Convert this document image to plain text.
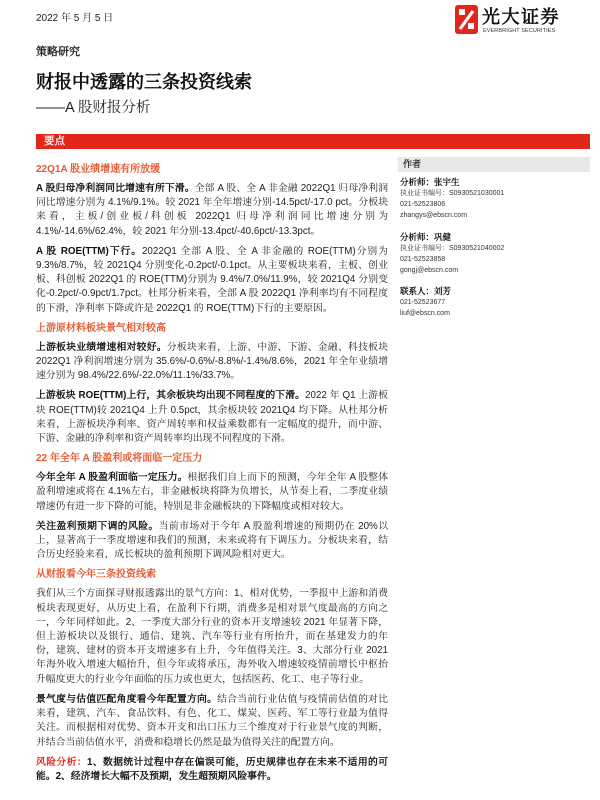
2022 年 5 月 5 日	光大证券
EVERBRIGHT SECURITIES
策略研究
财报中透露的三条投资线索
——A 股财报分析
要点
22Q1A 股业绩增速有所放缓

A 股归母净利润同比增速有所下滑。全部 A 股、全 A 非金融 2022Q1 归母净利润同比增速分别为 4.1%/9.1%。较 2021 年全年增速分别-14.5pct/-17.0 pct。分板块来看，主板/创业板/科创板 2022Q1 归母净利润同比增速分别为 4.1%/-14.6%/62.4%，较 2021 年分别-13.4pct/-40.6pct/-13.3pct。

A 股 ROE(TTM)下行。2022Q1 全部 A 股、全 A 非金融的 ROE(TTM)分别为 9.3%/8.7%，较 2021Q4 分别变化-0.2pct/-0.1pct。从主要板块来看，主板、创业板、科创板 2022Q1 的 ROE(TTM)分别为 9.4%/7.0%/11.9%，较 2021Q4 分别变化-0.2pct/-0.9pct/1.7pct。杜邦分析来看，全部 A 股 2022Q1 净利率均有不同程度的下滑，净利率下降或许是 2022Q1 的 ROE(TTM)下行的主要原因。

上游原材料板块景气相对较高

上游板块业绩增速相对较好。分板块来看，上游、中游、下游、金融、科技板块 2022Q1 净利润增速分别为 35.6%/-0.6%/-8.8%/-1.4%/8.6%，2021 年全年业绩增速分别为 98.4%/22.6%/-22.0%/11.1%/33.7%。

上游板块 ROE(TTM)上行，其余板块均出现不同程度的下滑。2022 年 Q1 上游板块 ROE(TTM)较 2021Q4 上升 0.5pct，其余板块较 2021Q4 均下降。从杜邦分析来看，上游板块净利率、资产周转率和权益乘数都有一定幅度的提升，而中游、下游、金融的净利率和资产周转率均出现不同程度的下滑。

22 年全年 A 股盈利或将面临一定压力

今年全年 A 股盈利面临一定压力。根据我们自上而下的预测，今年全年 A 股整体盈利增速或将在 4.1%左右，非金融板块将降为负增长，从节奏上看，二季度业绩增速仍有进一步下降的可能，特别是非金融板块的下降幅度或相对较大。

关注盈利预期下调的风险。当前市场对于今年 A 股盈利增速的预期仍在 20%以上，显著高于一季度增速和我们的预测，未来或将有下调压力。分板块来看，结合历史经验来看，成长板块的盈利预期下调风险相对更大。

从财报看今年三条投资线索

我们从三个方面探寻财报透露出的景气方向：1、相对优势，一季报中上游和消费板块表现更好，从历史上看，在盈利下行期，消费多是相对景气度最高的方向之一，今年同样如此。2、一季度大部分行业的资本开支增速较 2021 年显著下降，但上游板块以及银行、通信、建筑、汽车等行业有所抬升，而在基建发力的年份，建筑、建材的资本开支增速多有上升，今年值得关注。3、大部分行业 2021 年海外收入增速大幅抬升，但今年或将承压，海外收入增速较疫情前增长中枢抬升幅度更大的行业今年面临的压力或也更大，包括医药、化工、电子等行业。

景气度与估值匹配角度看今年配置方向。结合当前行业估值与疫情前估值的对比来看，建筑、汽车、食品饮料、有色、化工、煤炭、医药、军工等行业最为值得关注。而根据相对优势、资本开支和出口压力三个维度对于行业景气度的判断，并结合当前估值水平，消费和稳增长仍然是最为值得关注的配置方向。

风险分析：1、数据统计过程中存在偏误可能，历史规律也存在未来不适用的可能。2、经济增长大幅不及预期，发生超预期风险事件。

作者
分析师：张宇生
执业证书编号：S0930521030001
021-52523806
zhangys@ebscn.com
分析师：巩健
执业证书编号：S0930521040002
021-52523858
gongj@ebscn.com
联系人：刘芳
021-52523677
liuf@ebscn.com
